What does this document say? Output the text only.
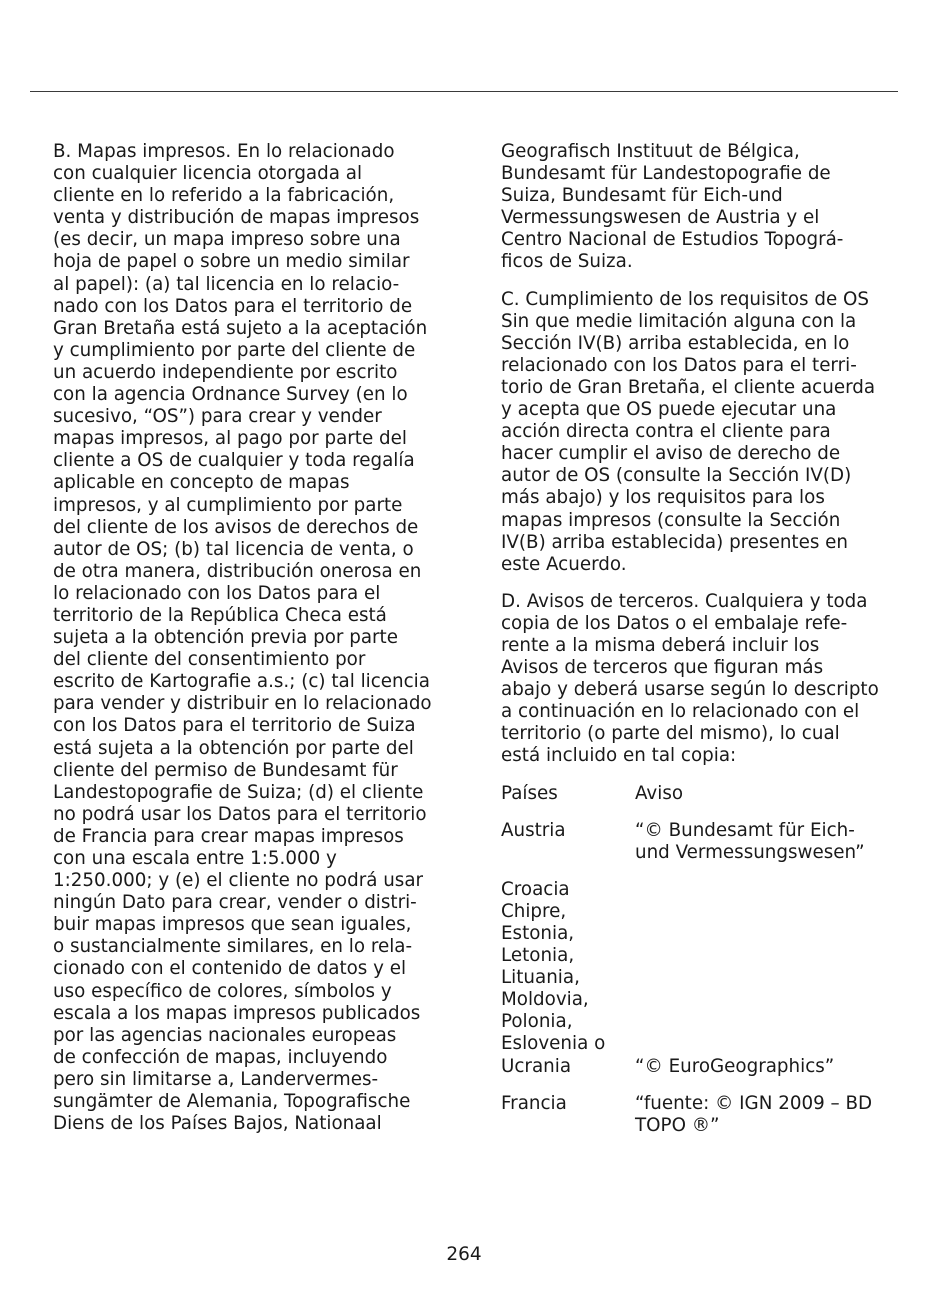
B. Mapas impresos. En lo relacionado
con cualquier licencia otorgada al
cliente en lo referido a la fabricación,
venta y distribución de mapas impresos
(es decir, un mapa impreso sobre una
hoja de papel o sobre un medio similar
al papel): (a) tal licencia en lo relacio-
nado con los Datos para el territorio de
Gran Bretaña está sujeto a la aceptación
y cumplimiento por parte del cliente de
un acuerdo independiente por escrito
con la agencia Ordnance Survey (en lo
sucesivo, “OS”) para crear y vender
mapas impresos, al pago por parte del
cliente a OS de cualquier y toda regalía
aplicable en concepto de mapas
impresos, y al cumplimiento por parte
del cliente de los avisos de derechos de
autor de OS; (b) tal licencia de venta, o
de otra manera, distribución onerosa en
lo relacionado con los Datos para el
territorio de la República Checa está
sujeta a la obtención previa por parte
del cliente del consentimiento por
escrito de Kartografie a.s.; (c) tal licencia
para vender y distribuir en lo relacionado
con los Datos para el territorio de Suiza
está sujeta a la obtención por parte del
cliente del permiso de Bundesamt für
Landestopografie de Suiza; (d) el cliente
no podrá usar los Datos para el territorio
de Francia para crear mapas impresos
con una escala entre 1:5.000 y
1:250.000; y (e) el cliente no podrá usar
ningún Dato para crear, vender o distri-
buir mapas impresos que sean iguales,
o sustancialmente similares, en lo rela-
cionado con el contenido de datos y el
uso específico de colores, símbolos y
escala a los mapas impresos publicados
por las agencias nacionales europeas
de confección de mapas, incluyendo
pero sin limitarse a, Landervermes-
sungämter de Alemania, Topografische
Diens de los Países Bajos, Nationaal
Geografisch Instituut de Bélgica,
Bundesamt für Landestopografie de
Suiza, Bundesamt für Eich-und
Vermessungswesen de Austria y el
Centro Nacional de Estudios Topográ-
ficos de Suiza.
C. Cumplimiento de los requisitos de OS
Sin que medie limitación alguna con la
Sección IV(B) arriba establecida, en lo
relacionado con los Datos para el terri-
torio de Gran Bretaña, el cliente acuerda
y acepta que OS puede ejecutar una
acción directa contra el cliente para
hacer cumplir el aviso de derecho de
autor de OS (consulte la Sección IV(D)
más abajo) y los requisitos para los
mapas impresos (consulte la Sección
IV(B) arriba establecida) presentes en
este Acuerdo.
D. Avisos de terceros. Cualquiera y toda
copia de los Datos o el embalaje refe-
rente a la misma deberá incluir los
Avisos de terceros que figuran más
abajo y deberá usarse según lo descripto
a continuación en lo relacionado con el
territorio (o parte del mismo), lo cual
está incluido en tal copia:
Países	Aviso
Austria	“© Bundesamt für Eich-
und Vermessungswesen”
Croacia
Chipre,
Estonia,
Letonia,
Lituania,
Moldovia,
Polonia,
Eslovenia o
Ucrania	“© EuroGeographics”
Francia	“fuente: © IGN 2009 – BD
TOPO ®”
264
